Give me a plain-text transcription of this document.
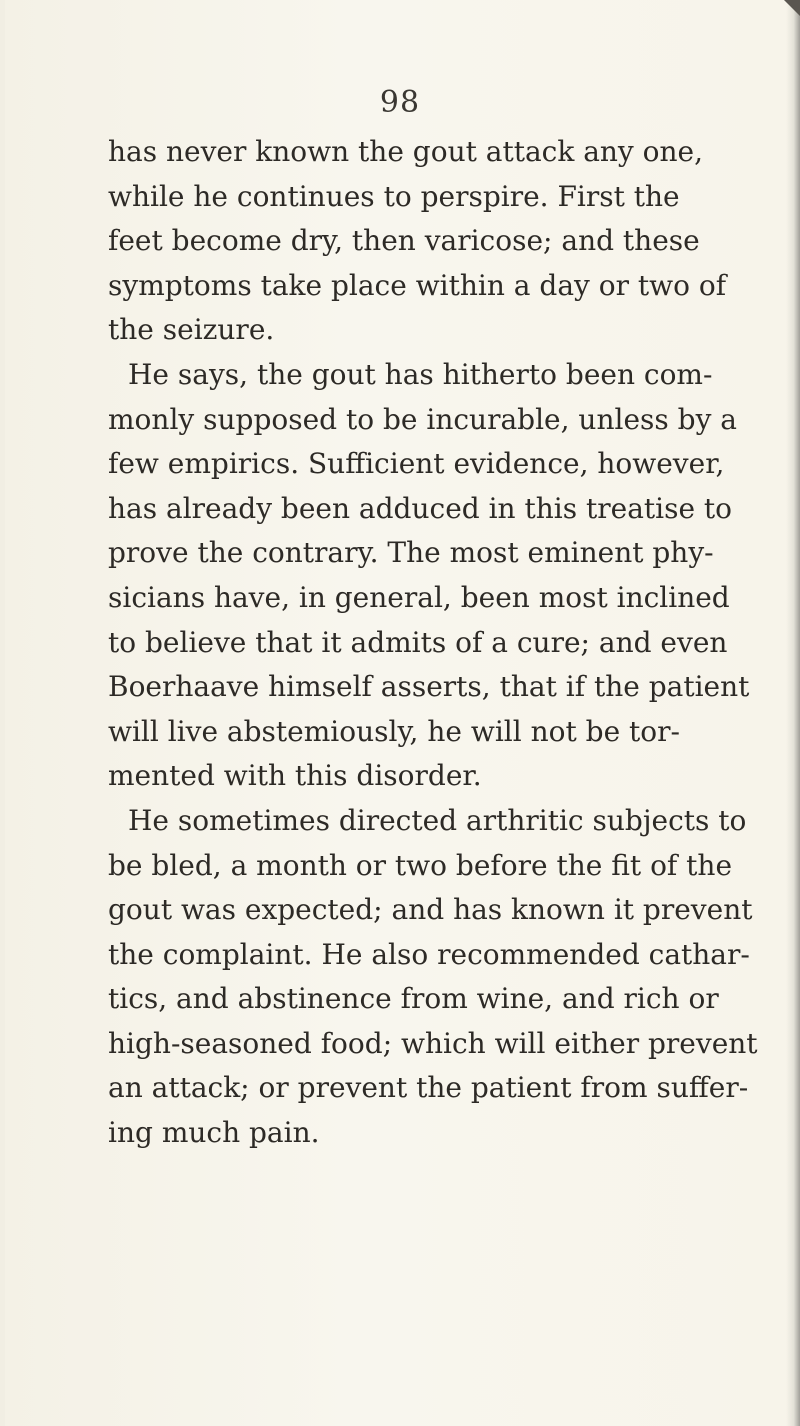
98
has never known the gout attack any one,
while he continues to perspire. First the
feet become dry, then varicose; and these
symptoms take place within a day or two of
the seizure.
He says, the gout has hitherto been com-
monly supposed to be incurable, unless by a
few empirics. Sufficient evidence, however,
has already been adduced in this treatise to
prove the contrary. The most eminent phy-
sicians have, in general, been most inclined
to believe that it admits of a cure; and even
Boerhaave himself asserts, that if the patient
will live abstemiously, he will not be tor-
mented with this disorder.
He sometimes directed arthritic subjects to
be bled, a month or two before the fit of the
gout was expected; and has known it prevent
the complaint. He also recommended cathar-
tics, and abstinence from wine, and rich or
high-seasoned food; which will either prevent
an attack; or prevent the patient from suffer-
ing much pain.
